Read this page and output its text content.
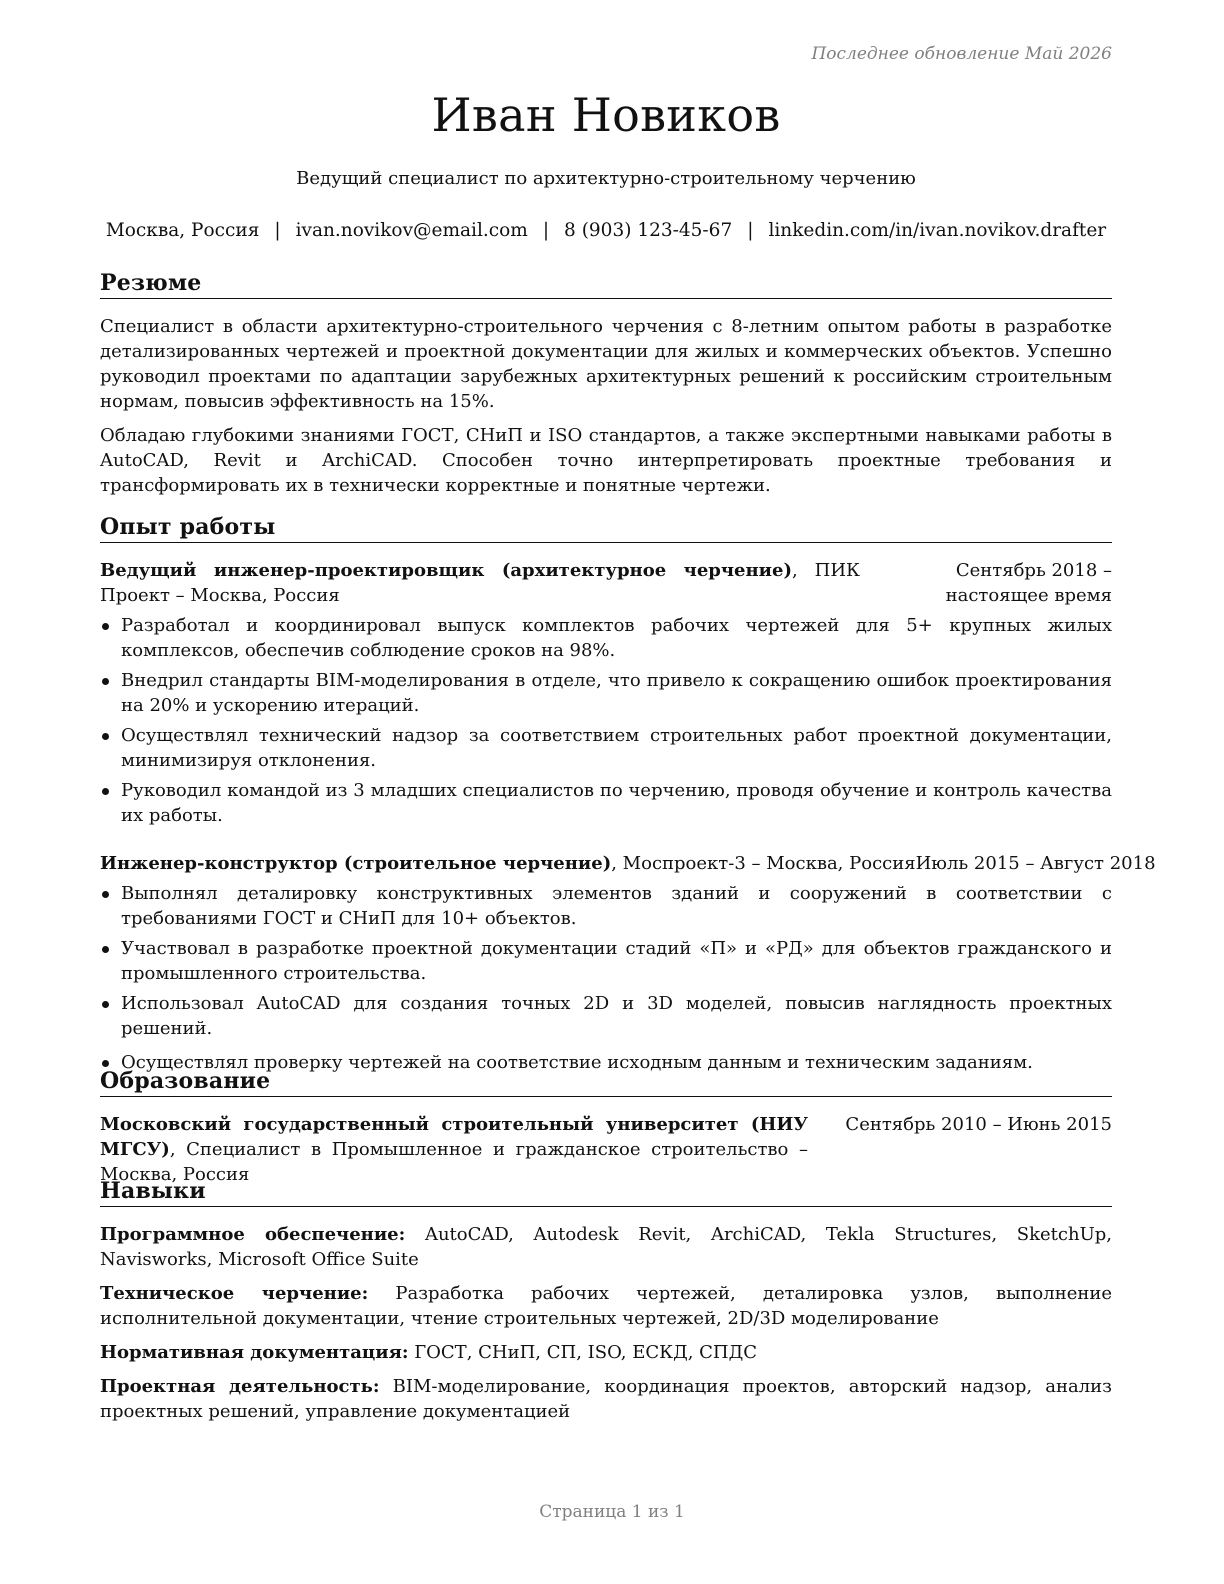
Последнее обновление Май 2026
Иван Новиков
Ведущий специалист по архитектурно-строительному черчению
Москва, Россия | ivan.novikov@email.com | 8 (903) 123-45-67 | linkedin.com/in/ivan.novikov.drafter
Резюме

Специалист в области архитектурно-строительного черчения с 8-летним опытом работы в разработке детализированных чертежей и проектной документации для жилых и коммерческих объектов. Успешно руководил проектами по адаптации зарубежных архитектурных решений к российским строительным нормам, повысив эффективность на 15%.

Обладаю глубокими знаниями ГОСТ, СНиП и ISO стандартов, а также экспертными навыками работы в AutoCAD, Revit и ArchiCAD. Способен точно интерпретировать проектные требования и трансформировать их в технически корректные и понятные чертежи.

Опыт работы
Ведущий инженер-проектировщик (архитектурное черчение), ПИК Проект – Москва, Россия
Сентябрь 2018 – настоящее время
Разработал и координировал выпуск комплектов рабочих чертежей для 5+ крупных жилых комплексов, обеспечив соблюдение сроков на 98%.
Внедрил стандарты BIM-моделирования в отделе, что привело к сокращению ошибок проектирования на 20% и ускорению итераций.
Осуществлял технический надзор за соответствием строительных работ проектной документации, минимизируя отклонения.
Руководил командой из 3 младших специалистов по черчению, проводя обучение и контроль качества их работы.
Инженер-конструктор (строительное черчение), Моспроект-3 – Москва, Россия Июль 2015 – Август 2018
Выполнял деталировку конструктивных элементов зданий и сооружений в соответствии с требованиями ГОСТ и СНиП для 10+ объектов.
Участвовал в разработке проектной документации стадий «П» и «РД» для объектов гражданского и промышленного строительства.
Использовал AutoCAD для создания точных 2D и 3D моделей, повысив наглядность проектных решений.
Осуществлял проверку чертежей на соответствие исходным данным и техническим заданиям.
Образование
Московский государственный строительный университет (НИУ МГСУ), Специалист в Промышленное и гражданское строительство – Москва, Россия
Сентябрь 2010 – Июнь 2015
Навыки
Программное обеспечение: AutoCAD, Autodesk Revit, ArchiCAD, Tekla Structures, SketchUp, Navisworks, Microsoft Office Suite
Техническое черчение: Разработка рабочих чертежей, деталировка узлов, выполнение исполнительной документации, чтение строительных чертежей, 2D/3D моделирование
Нормативная документация: ГОСТ, СНиП, СП, ISO, ЕСКД, СПДС
Проектная деятельность: BIM-моделирование, координация проектов, авторский надзор, анализ проектных решений, управление документацией
Страница 1 из 1
